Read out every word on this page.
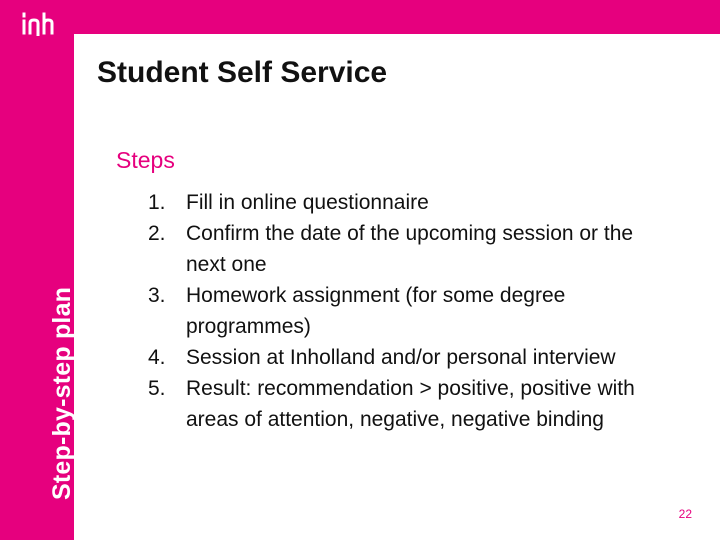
Step-by-step plan
Student Self Service
Steps
1. Fill in online questionnaire
2. Confirm the date of the upcoming session or the next one
3. Homework assignment (for some degree programmes)
4. Session at Inholland and/or personal interview
5. Result: recommendation > positive, positive with areas of attention, negative, negative binding
22
